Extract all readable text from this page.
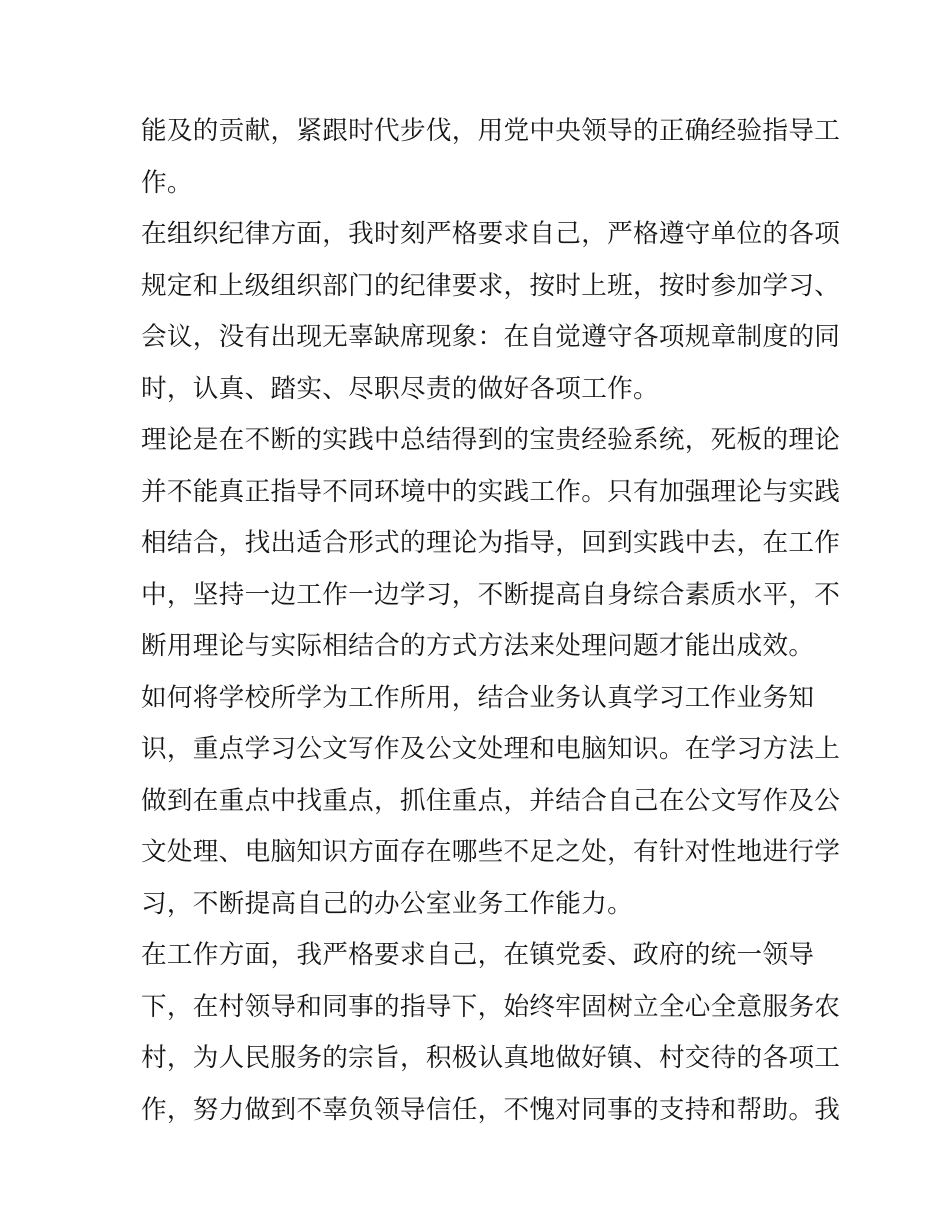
能及的贡献，紧跟时代步伐，用党中央领导的正确经验指导工
作。
在组织纪律方面，我时刻严格要求自己，严格遵守单位的各项
规定和上级组织部门的纪律要求，按时上班，按时参加学习、
会议，没有出现无辜缺席现象：在自觉遵守各项规章制度的同
时，认真、踏实、尽职尽责的做好各项工作。
理论是在不断的实践中总结得到的宝贵经验系统，死板的理论
并不能真正指导不同环境中的实践工作。只有加强理论与实践
相结合，找出适合形式的理论为指导，回到实践中去，在工作
中，坚持一边工作一边学习，不断提高自身综合素质水平，不
断用理论与实际相结合的方式方法来处理问题才能出成效。
如何将学校所学为工作所用，结合业务认真学习工作业务知
识，重点学习公文写作及公文处理和电脑知识。在学习方法上
做到在重点中找重点，抓住重点，并结合自己在公文写作及公
文处理、电脑知识方面存在哪些不足之处，有针对性地进行学
习，不断提高自己的办公室业务工作能力。
在工作方面，我严格要求自己，在镇党委、政府的统一领导
下，在村领导和同事的指导下，始终牢固树立全心全意服务农
村，为人民服务的宗旨，积极认真地做好镇、村交待的各项工
作，努力做到不辜负领导信任，不愧对同事的支持和帮助。我
